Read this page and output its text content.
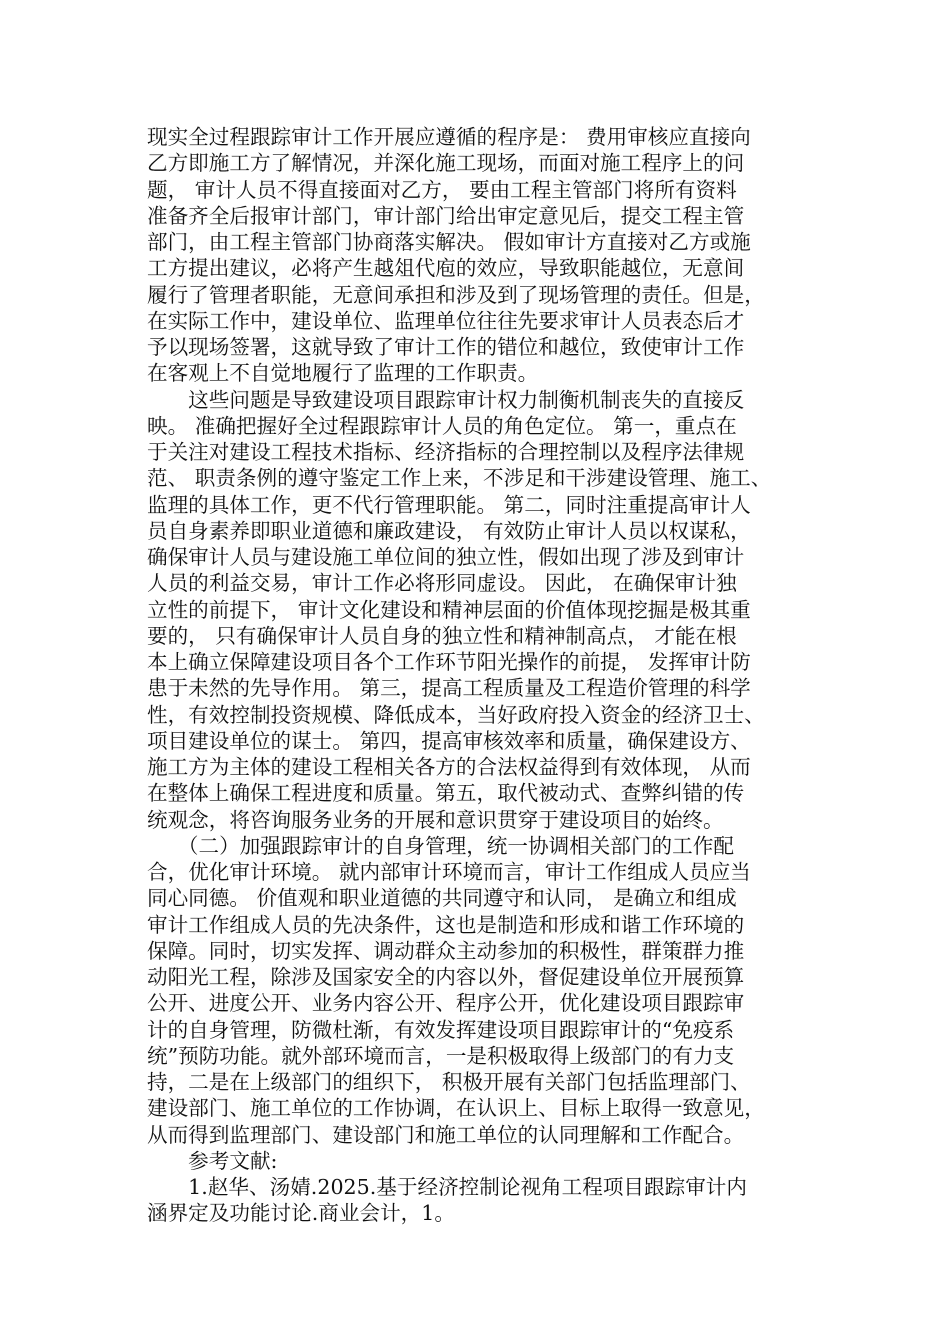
现实全过程跟踪审计工作开展应遵循的程序是： 费用审核应直接向
乙方即施工方了解情况，并深化施工现场，而面对施工程序上的问
题， 审计人员不得直接面对乙方， 要由工程主管部门将所有资料
准备齐全后报审计部门，审计部门给出审定意见后，提交工程主管
部门，由工程主管部门协商落实解决。 假如审计方直接对乙方或施
工方提出建议，必将产生越俎代庖的效应，导致职能越位，无意间
履行了管理者职能，无意间承担和涉及到了现场管理的责任。但是，
在实际工作中，建设单位、监理单位往往先要求审计人员表态后才
予以现场签署，这就导致了审计工作的错位和越位，致使审计工作
在客观上不自觉地履行了监理的工作职责。
　　这些问题是导致建设项目跟踪审计权力制衡机制丧失的直接反
映。 准确把握好全过程跟踪审计人员的角色定位。 第一，重点在
于关注对建设工程技术指标、经济指标的合理控制以及程序法律规
范、 职责条例的遵守鉴定工作上来，不涉足和干涉建设管理、施工、
监理的具体工作，更不代行管理职能。 第二，同时注重提高审计人
员自身素养即职业道德和廉政建设， 有效防止审计人员以权谋私，
确保审计人员与建设施工单位间的独立性，假如出现了涉及到审计
人员的利益交易，审计工作必将形同虚设。 因此， 在确保审计独
立性的前提下， 审计文化建设和精神层面的价值体现挖掘是极其重
要的， 只有确保审计人员自身的独立性和精神制高点， 才能在根
本上确立保障建设项目各个工作环节阳光操作的前提， 发挥审计防
患于未然的先导作用。 第三，提高工程质量及工程造价管理的科学
性，有效控制投资规模、降低成本，当好政府投入资金的经济卫士、
项目建设单位的谋士。 第四，提高审核效率和质量，确保建设方、
施工方为主体的建设工程相关各方的合法权益得到有效体现， 从而
在整体上确保工程进度和质量。第五，取代被动式、查弊纠错的传
统观念，将咨询服务业务的开展和意识贯穿于建设项目的始终。
　　（二）加强跟踪审计的自身管理，统一协调相关部门的工作配
合，优化审计环境。 就内部审计环境而言，审计工作组成人员应当
同心同德。 价值观和职业道德的共同遵守和认同， 是确立和组成
审计工作组成人员的先决条件，这也是制造和形成和谐工作环境的
保障。同时，切实发挥、调动群众主动参加的积极性，群策群力推
动阳光工程，除涉及国家安全的内容以外，督促建设单位开展预算
公开、进度公开、业务内容公开、程序公开，优化建设项目跟踪审
计的自身管理，防微杜渐，有效发挥建设项目跟踪审计的“免疫系
统”预防功能。就外部环境而言，一是积极取得上级部门的有力支
持，二是在上级部门的组织下， 积极开展有关部门包括监理部门、
建设部门、施工单位的工作协调，在认识上、目标上取得一致意见，
从而得到监理部门、建设部门和施工单位的认同理解和工作配合。
　　参考文献:
　　1.赵华、汤婧.2025.基于经济控制论视角工程项目跟踪审计内
涵界定及功能讨论.商业会计，1。
